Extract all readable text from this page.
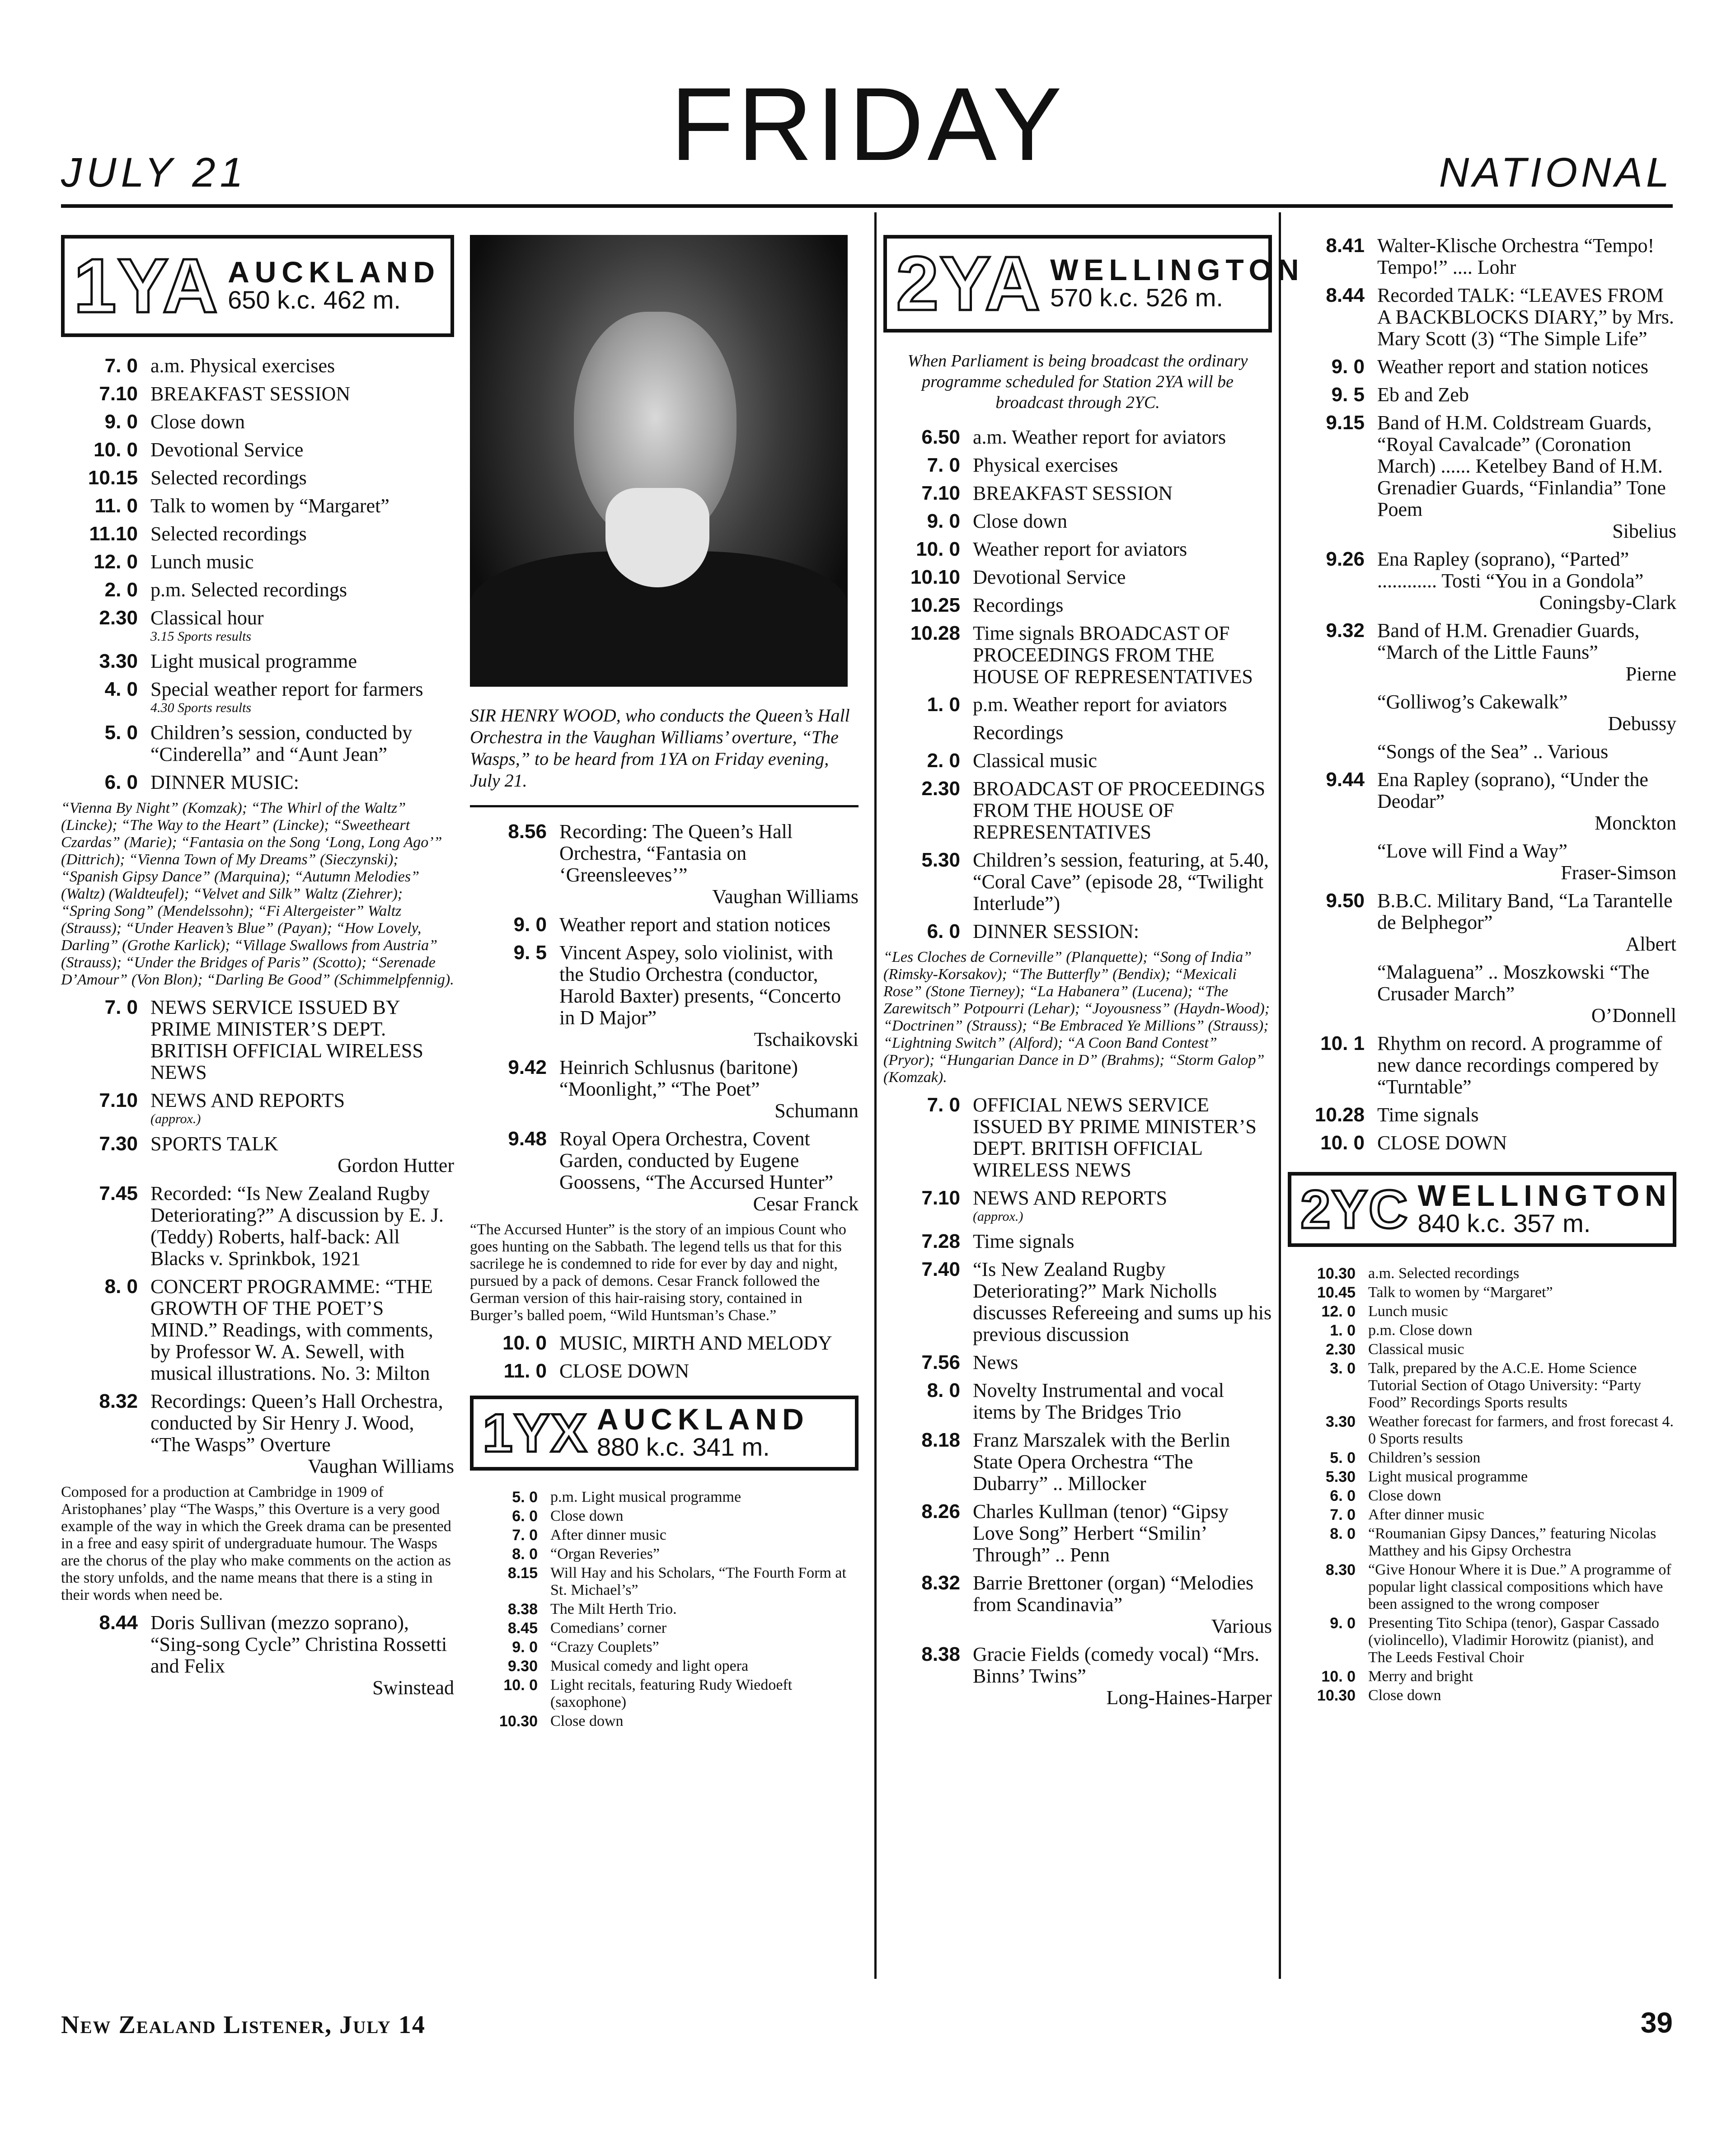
FRIDAY
JULY 21	NATIONAL
1YA AUCKLAND
650 k.c. 462 m.
7. 0 a.m. Physical exercises
7.10 BREAKFAST SESSION
9. 0 Close down
10. 0 Devotional Service
10.15 Selected recordings
11. 0 Talk to women by “Margaret”
11.10 Selected recordings
12. 0 Lunch music
2. 0 p.m. Selected recordings
2.30 Classical hour
3.15 Sports results
3.30 Light musical programme
4. 0 Special weather report for farmers
4.30 Sports results
5. 0 Children’s session, conducted by “Cinderella” and “Aunt Jean”
6. 0 DINNER MUSIC:
“Vienna By Night” (Komzak); “The Whirl of the Waltz” (Lincke); “The Way to the Heart” (Lincke); “Sweetheart Czardas” (Marie); “Fantasia on the Song ‘Long, Long Ago’” (Dittrich); “Vienna Town of My Dreams” (Sieczynski); “Spanish Gipsy Dance” (Marquina); “Autumn Melodies” (Waltz) (Waldteufel); “Velvet and Silk” Waltz (Ziehrer); “Spring Song” (Mendelssohn); “Fi Altergeister” Waltz (Strauss); “Under Heaven’s Blue” (Payan); “How Lovely, Darling” (Grothe Karlick); “Village Swallows from Austria” (Strauss); “Under the Bridges of Paris” (Scotto); “Serenade D’Amour” (Von Blon); “Darling Be Good” (Schimmelpfennig).
7. 0 NEWS SERVICE ISSUED BY PRIME MINISTER’S DEPT. BRITISH OFFICIAL WIRELESS NEWS
7.10 NEWS AND REPORTS
(approx.)
7.30 SPORTS TALK
Gordon Hutter
7.45 Recorded: “Is New Zealand Rugby Deteriorating?” A discussion by E. J. (Teddy) Roberts, half-back: All Blacks v. Sprinkbok, 1921
8. 0 CONCERT PROGRAMME: “THE GROWTH OF THE POET’S MIND.” Readings, with comments, by Professor W. A. Sewell, with musical illustrations. No. 3: Milton
8.32 Recordings: Queen’s Hall Orchestra, conducted by Sir Henry J. Wood, “The Wasps” Overture
Vaughan Williams
Composed for a production at Cambridge in 1909 of Aristophanes’ play “The Wasps,” this Overture is a very good example of the way in which the Greek drama can be presented in a free and easy spirit of undergraduate humour. The Wasps are the chorus of the play who make comments on the action as the story unfolds, and the name means that there is a sting in their words when need be.
8.44 Doris Sullivan (mezzo soprano), “Sing-song Cycle” Christina Rossetti and Felix
Swinstead
SIR HENRY WOOD, who conducts the Queen’s Hall Orchestra in the Vaughan Williams’ overture, “The Wasps,” to be heard from 1YA on Friday evening, July 21.
8.56 Recording: The Queen’s Hall Orchestra, “Fantasia on ‘Greensleeves’”
Vaughan Williams
9. 0 Weather report and station notices
9. 5 Vincent Aspey, solo violinist, with the Studio Orchestra (conductor, Harold Baxter) presents, “Concerto in D Major”
Tschaikovski
9.42 Heinrich Schlusnus (baritone) “Moonlight,” “The Poet”
Schumann
9.48 Royal Opera Orchestra, Covent Garden, conducted by Eugene Goossens, “The Accursed Hunter”
Cesar Franck
“The Accursed Hunter” is the story of an impious Count who goes hunting on the Sabbath. The legend tells us that for this sacrilege he is condemned to ride for ever by day and night, pursued by a pack of demons. Cesar Franck followed the German version of this hair-raising story, contained in Burger’s balled poem, “Wild Huntsman’s Chase.”
10. 0 MUSIC, MIRTH AND MELODY
11. 0 CLOSE DOWN
1YX AUCKLAND
880 k.c. 341 m.
5. 0 p.m. Light musical programme
6. 0 Close down
7. 0 After dinner music
8. 0 “Organ Reveries”
8.15 Will Hay and his Scholars, “The Fourth Form at St. Michael’s”
8.38 The Milt Herth Trio.
8.45 Comedians’ corner
9. 0 “Crazy Couplets”
9.30 Musical comedy and light opera
10. 0 Light recitals, featuring Rudy Wiedoeft (saxophone)
10.30 Close down
2YA WELLINGTON
570 k.c. 526 m.
When Parliament is being broadcast the ordinary programme scheduled for Station 2YA will be broadcast through 2YC.
6.50 a.m. Weather report for aviators
7. 0 Physical exercises
7.10 BREAKFAST SESSION
9. 0 Close down
10. 0 Weather report for aviators
10.10 Devotional Service
10.25 Recordings
10.28 Time signals BROADCAST OF PROCEEDINGS FROM THE HOUSE OF REPRESENTATIVES
1. 0 p.m. Weather report for aviators
Recordings
2. 0 Classical music
2.30 BROADCAST OF PROCEEDINGS FROM THE HOUSE OF REPRESENTATIVES
5.30 Children’s session, featuring, at 5.40, “Coral Cave” (episode 28, “Twilight Interlude”)
6. 0 DINNER SESSION:
“Les Cloches de Corneville” (Planquette); “Song of India” (Rimsky-Korsakov); “The Butterfly” (Bendix); “Mexicali Rose” (Stone Tierney); “La Habanera” (Lucena); “The Zarewitsch” Potpourri (Lehar); “Joyousness” (Haydn-Wood); “Doctrinen” (Strauss); “Be Embraced Ye Millions” (Strauss); “Lightning Switch” (Alford); “A Coon Band Contest” (Pryor); “Hungarian Dance in D” (Brahms); “Storm Galop” (Komzak).
7. 0 OFFICIAL NEWS SERVICE ISSUED BY PRIME MINISTER’S DEPT. BRITISH OFFICIAL WIRELESS NEWS
7.10 NEWS AND REPORTS
(approx.)
7.28 Time signals
7.40 “Is New Zealand Rugby Deteriorating?” Mark Nicholls discusses Refereeing and sums up his previous discussion
7.56 News
8. 0 Novelty Instrumental and vocal items by The Bridges Trio
8.18 Franz Marszalek with the Berlin State Opera Orchestra “The Dubarry” .. Millocker
8.26 Charles Kullman (tenor) “Gipsy Love Song” Herbert “Smilin’ Through” .. Penn
8.32 Barrie Brettoner (organ) “Melodies from Scandinavia”
Various
8.38 Gracie Fields (comedy vocal) “Mrs. Binns’ Twins”
Long-Haines-Harper
8.41 Walter-Klische Orchestra “Tempo! Tempo!” .... Lohr
8.44 Recorded TALK: “LEAVES FROM A BACKBLOCKS DIARY,” by Mrs. Mary Scott (3) “The Simple Life”
9. 0 Weather report and station notices
9. 5 Eb and Zeb
9.15 Band of H.M. Coldstream Guards, “Royal Cavalcade” (Coronation March) ...... Ketelbey Band of H.M. Grenadier Guards, “Finlandia” Tone Poem
Sibelius
9.26 Ena Rapley (soprano), “Parted” ............ Tosti “You in a Gondola”
Coningsby-Clark
9.32 Band of H.M. Grenadier Guards, “March of the Little Fauns”
Pierne
“Golliwog’s Cakewalk”
Debussy
“Songs of the Sea” .. Various
9.44 Ena Rapley (soprano), “Under the Deodar”
Monckton
“Love will Find a Way”
Fraser-Simson
9.50 B.B.C. Military Band, “La Tarantelle de Belphegor”
Albert
“Malaguena” .. Moszkowski “The Crusader March”
O’Donnell
10. 1 Rhythm on record. A programme of new dance recordings compered by “Turntable”
10.28 Time signals
10. 0 CLOSE DOWN
2YC WELLINGTON
840 k.c. 357 m.
10.30 a.m. Selected recordings
10.45 Talk to women by “Margaret”
12. 0 Lunch music
1. 0 p.m. Close down
2.30 Classical music
3. 0 Talk, prepared by the A.C.E. Home Science Tutorial Section of Otago University: “Party Food” Recordings Sports results
3.30 Weather forecast for farmers, and frost forecast 4. 0 Sports results
5. 0 Children’s session
5.30 Light musical programme
6. 0 Close down
7. 0 After dinner music
8. 0 “Roumanian Gipsy Dances,” featuring Nicolas Matthey and his Gipsy Orchestra
8.30 “Give Honour Where it is Due.” A programme of popular light classical compositions which have been assigned to the wrong composer
9. 0 Presenting Tito Schipa (tenor), Gaspar Cassado (violincello), Vladimir Horowitz (pianist), and The Leeds Festival Choir
10. 0 Merry and bright
10.30 Close down
New Zealand Listener, July 14	39
